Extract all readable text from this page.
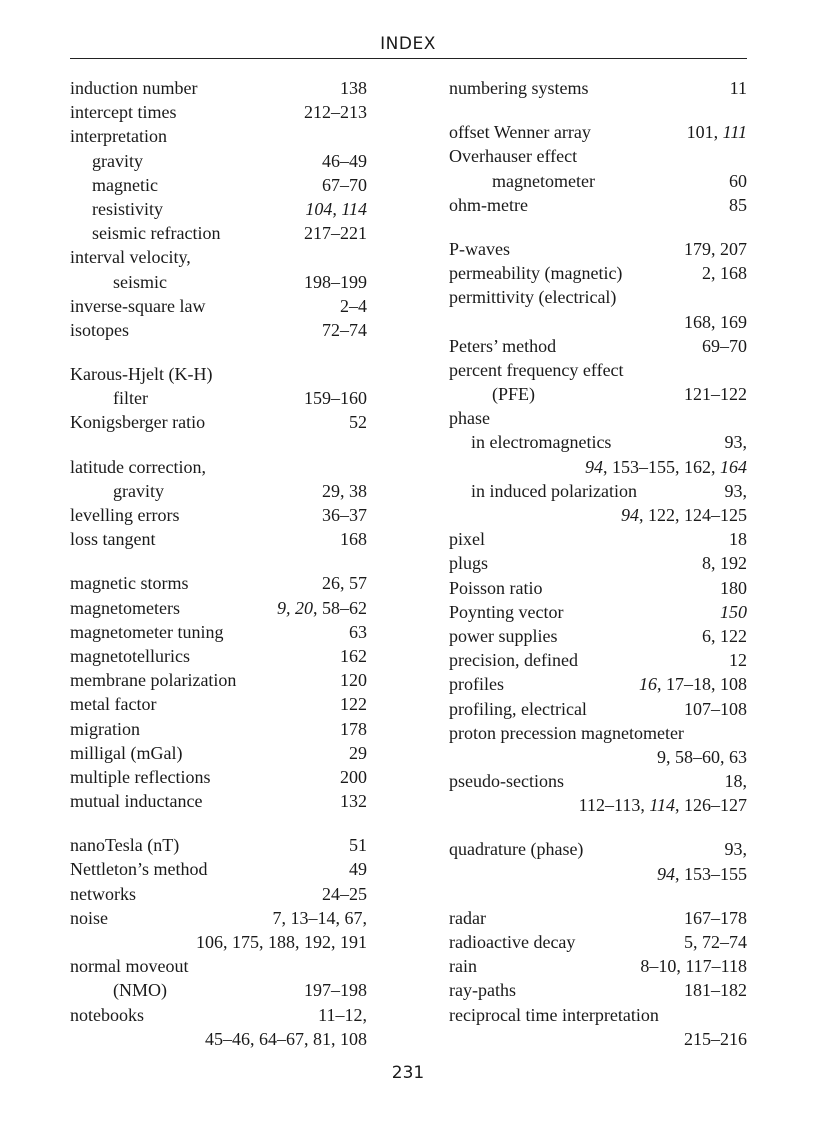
INDEX
induction number	138
intercept times	212–213
interpretation
gravity	46–49
magnetic	67–70
resistivity	104, 114
seismic refraction	217–221
interval velocity,
seismic	198–199
inverse-square law	2–4
isotopes	72–74
Karous-Hjelt (K-H)
filter	159–160
Konigsberger ratio	52
latitude correction,
gravity	29, 38
levelling errors	36–37
loss tangent	168
magnetic storms	26, 57
magnetometers	9, 20, 58–62
magnetometer tuning	63
magnetotellurics	162
membrane polarization	120
metal factor	122
migration	178
milligal (mGal)	29
multiple reflections	200
mutual inductance	132
nanoTesla (nT)	51
Nettleton’s method	49
networks	24–25
noise	7, 13–14, 67,
106, 175, 188, 192, 191
normal moveout
(NMO)	197–198
notebooks	11–12,
45–46, 64–67, 81, 108
numbering systems	11
offset Wenner array	101, 111
Overhauser effect
magnetometer	60
ohm-metre	85
P-waves	179, 207
permeability (magnetic)	2, 168
permittivity (electrical)
168, 169
Peters’ method	69–70
percent frequency effect
(PFE)	121–122
phase
in electromagnetics	93,
94, 153–155, 162, 164
in induced polarization	93,
94, 122, 124–125
pixel	18
plugs	8, 192
Poisson ratio	180
Poynting vector	150
power supplies	6, 122
precision, defined	12
profiles	16, 17–18, 108
profiling, electrical	107–108
proton precession magnetometer
9, 58–60, 63
pseudo-sections	18,
112–113, 114, 126–127
quadrature (phase)	93,
94, 153–155
radar	167–178
radioactive decay	5, 72–74
rain	8–10, 117–118
ray-paths	181–182
reciprocal time interpretation
215–216
231
